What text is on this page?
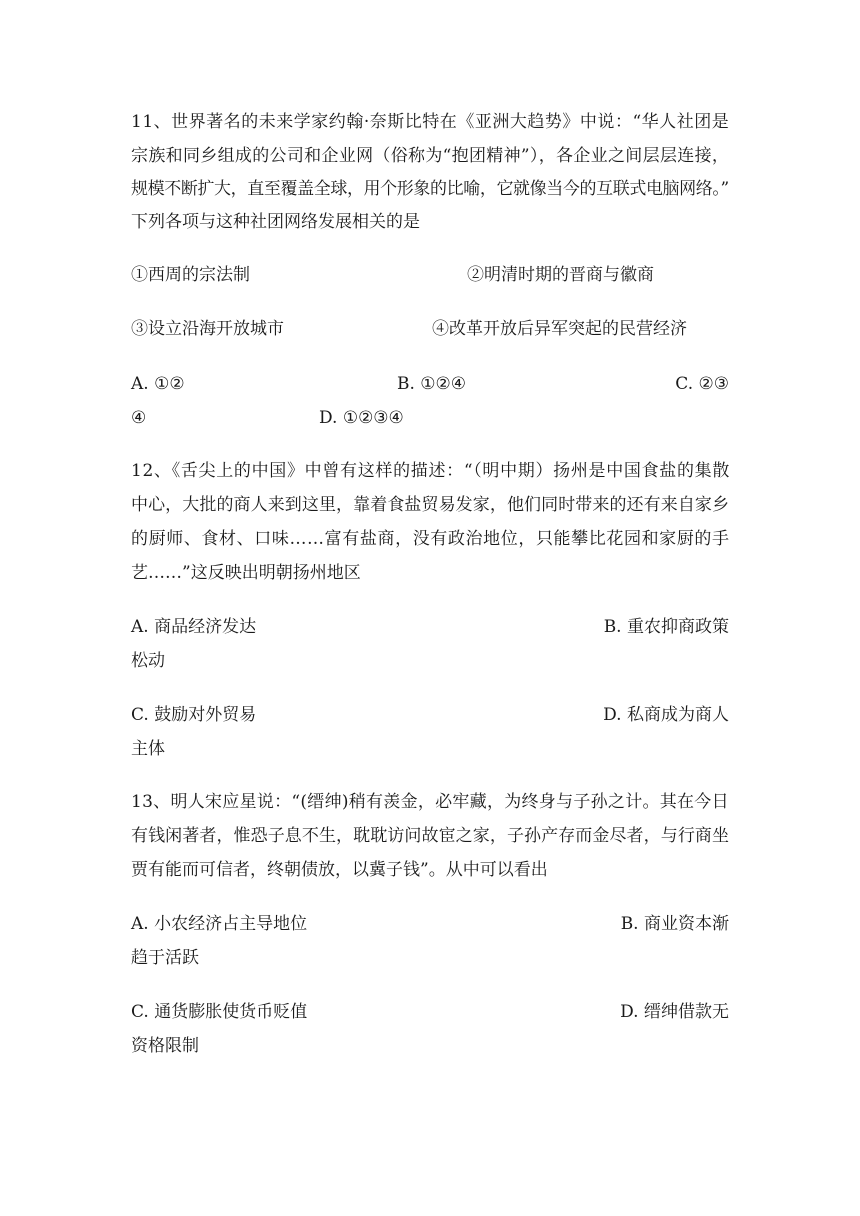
11、世界著名的未来学家约翰·奈斯比特在《亚洲大趋势》中说：“华人社团是
宗族和同乡组成的公司和企业网（俗称为“抱团精神”），各企业之间层层连接，
规模不断扩大，直至覆盖全球，用个形象的比喻，它就像当今的互联式电脑网络。”
下列各项与这种社团网络发展相关的是
①西周的宗法制	②明清时期的晋商与徽商
③设立沿海开放城市	④改革开放后异军突起的民营经济
A. ①②	B. ①②④	C. ②③
④	D. ①②③④
12、《舌尖上的中国》中曾有这样的描述：“（明中期）扬州是中国食盐的集散
中心，大批的商人来到这里，靠着食盐贸易发家，他们同时带来的还有来自家乡
的厨师、食材、口味……富有盐商，没有政治地位，只能攀比花园和家厨的手
艺……”这反映出明朝扬州地区
A. 商品经济发达	B. 重农抑商政策
松动
C. 鼓励对外贸易	D. 私商成为商人
主体
13、明人宋应星说：“(缙绅)稍有羡金，必牢藏，为终身与子孙之计。其在今日
有钱闲著者，惟恐子息不生，耽耽访问故宦之家，子孙产存而金尽者，与行商坐
贾有能而可信者，终朝债放，以冀子钱”。从中可以看出
A. 小农经济占主导地位	B. 商业资本渐
趋于活跃
C. 通货膨胀使货币贬值	D. 缙绅借款无
资格限制
